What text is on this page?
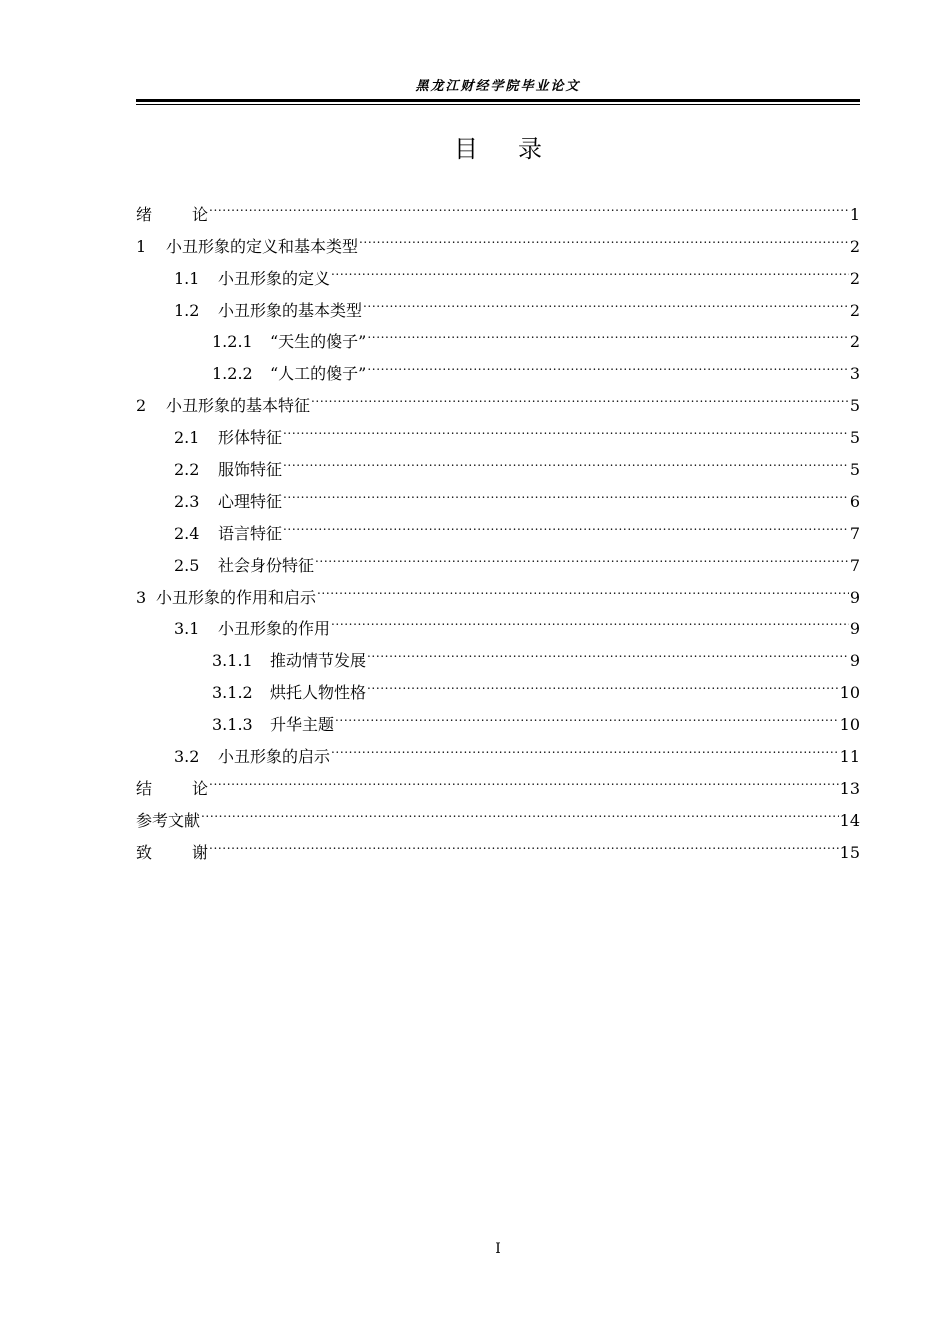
黑龙江财经学院毕业论文
目录
绪	论 .....	1
1	小丑形象的定义和基本类型 .....	2
1.1	小丑形象的定义 .....	2
1.2	小丑形象的基本类型 .....	2
1.2.1	“天生的傻子” .....	2
1.2.2	“人工的傻子” .....	3
2	小丑形象的基本特征 .....	5
2.1	形体特征 .....	5
2.2	服饰特征 .....	5
2.3	心理特征 .....	6
2.4	语言特征 .....	7
2.5	社会身份特征 .....	7
3 小丑形象的作用和启示 .....	9
3.1	小丑形象的作用 .....	9
3.1.1	推动情节发展 .....	9
3.1.2	烘托人物性格 .....	10
3.1.3	升华主题 .....	10
3.2	小丑形象的启示 .....	11
结	论 .....	13
参考文献 .....	14
致	谢 .....	15
I
